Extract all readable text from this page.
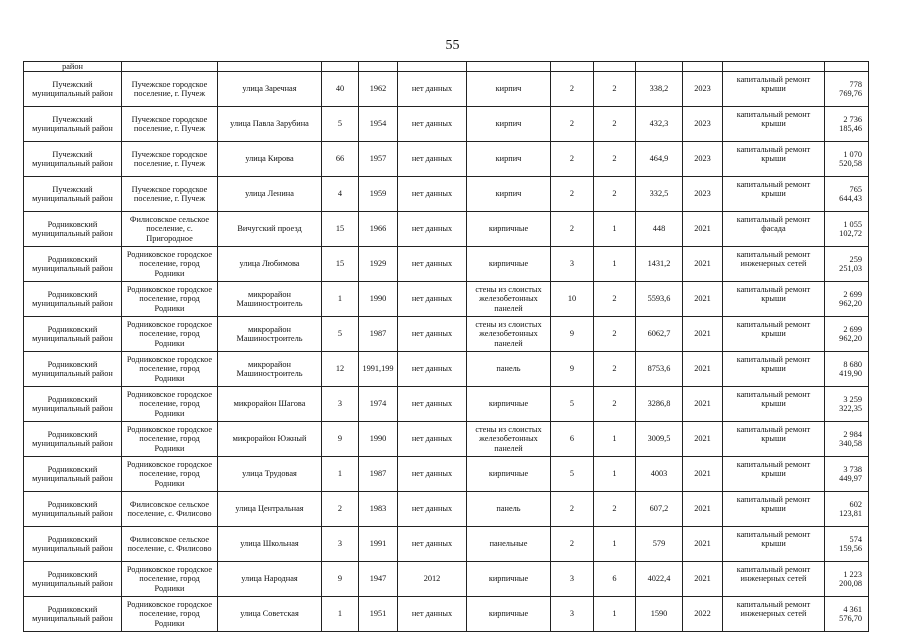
55
район												
Пучежский муниципальный район	Пучежское городское поселение, г. Пучеж	улица Заречная	40	1962	нет данных	кирпич	2	2	338,2	2023	капитальный ремонт крыши	778 769,76
Пучежский муниципальный район	Пучежское городское поселение, г. Пучеж	улица Павла Зарубина	5	1954	нет данных	кирпич	2	2	432,3	2023	капитальный ремонт крыши	2 736 185,46
Пучежский муниципальный район	Пучежское городское поселение, г. Пучеж	улица Кирова	66	1957	нет данных	кирпич	2	2	464,9	2023	капитальный ремонт крыши	1 070 520,58
Пучежский муниципальный район	Пучежское городское поселение, г. Пучеж	улица Ленина	4	1959	нет данных	кирпич	2	2	332,5	2023	капитальный ремонт крыши	765 644,43
Родниковский муниципальный район	Филисовское сельское поселение, с. Пригородное	Вичугский проезд	15	1966	нет данных	кирпичные	2	1	448	2021	капитальный ремонт фасада	1 055 102,72
Родниковский муниципальный район	Родниковское городское поселение, город Родники	улица Любимова	15	1929	нет данных	кирпичные	3	1	1431,2	2021	капитальный ремонт инженерных сетей	259 251,03
Родниковский муниципальный район	Родниковское городское поселение, город Родники	микрорайон Машиностроитель	1	1990	нет данных	стены из слоистых железобетонных панелей	10	2	5593,6	2021	капитальный ремонт крыши	2 699 962,20
Родниковский муниципальный район	Родниковское городское поселение, город Родники	микрорайон Машиностроитель	5	1987	нет данных	стены из слоистых железобетонных панелей	9	2	6062,7	2021	капитальный ремонт крыши	2 699 962,20
Родниковский муниципальный район	Родниковское городское поселение, город Родники	микрорайон Машиностроитель	12	1991,199	нет данных	панель	9	2	8753,6	2021	капитальный ремонт крыши	8 680 419,90
Родниковский муниципальный район	Родниковское городское поселение, город Родники	микрорайон Шагова	3	1974	нет данных	кирпичные	5	2	3286,8	2021	капитальный ремонт крыши	3 259 322,35
Родниковский муниципальный район	Родниковское городское поселение, город Родники	микрорайон Южный	9	1990	нет данных	стены из слоистых железобетонных панелей	6	1	3009,5	2021	капитальный ремонт крыши	2 984 340,58
Родниковский муниципальный район	Родниковское городское поселение, город Родники	улица Трудовая	1	1987	нет данных	кирпичные	5	1	4003	2021	капитальный ремонт крыши	3 738 449,97
Родниковский муниципальный район	Филисовское сельское поселение, с. Филисово	улица Центральная	2	1983	нет данных	панель	2	2	607,2	2021	капитальный ремонт крыши	602 123,81
Родниковский муниципальный район	Филисовское сельское поселение, с. Филисово	улица Школьная	3	1991	нет данных	панельные	2	1	579	2021	капитальный ремонт крыши	574 159,56
Родниковский муниципальный район	Родниковское городское поселение, город Родники	улица Народная	9	1947	2012	кирпичные	3	6	4022,4	2021	капитальный ремонт инженерных сетей	1 223 200,08
Родниковский муниципальный район	Родниковское городское поселение, город Родники	улица Советская	1	1951	нет данных	кирпичные	3	1	1590	2022	капитальный ремонт инженерных сетей	4 361 576,70
